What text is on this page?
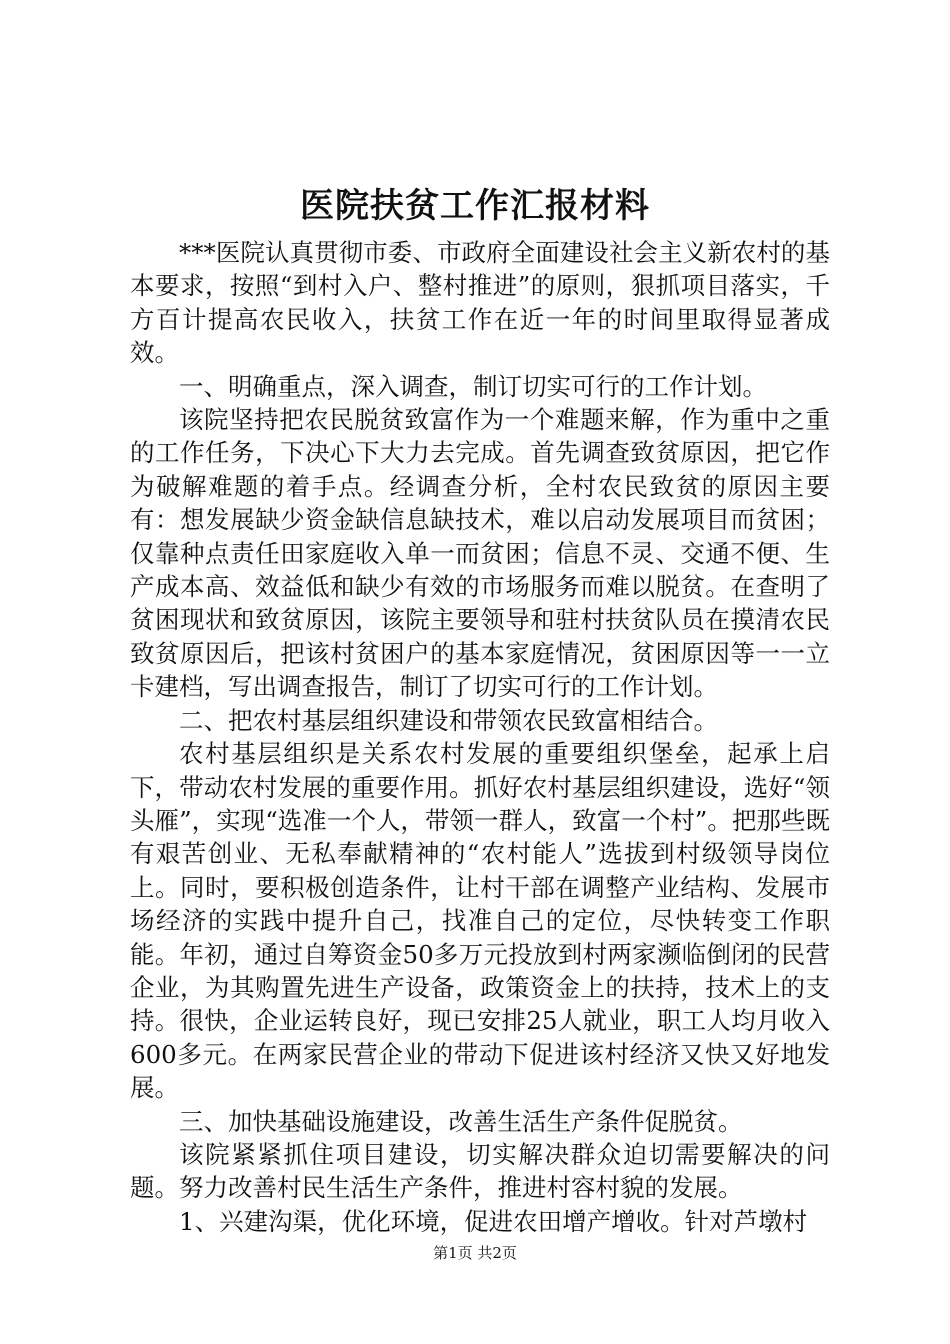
医院扶贫工作汇报材料

***医院认真贯彻市委、市政府全面建设社会主义新农村的基本要求，按照“到村入户、整村推进”的原则，狠抓项目落实，千方百计提高农民收入，扶贫工作在近一年的时间里取得显著成效。

一、明确重点，深入调查，制订切实可行的工作计划。

该院坚持把农民脱贫致富作为一个难题来解，作为重中之重的工作任务，下决心下大力去完成。首先调查致贫原因，把它作为破解难题的着手点。经调查分析，全村农民致贫的原因主要有：想发展缺少资金缺信息缺技术，难以启动发展项目而贫困；仅靠种点责任田家庭收入单一而贫困；信息不灵、交通不便、生产成本高、效益低和缺少有效的市场服务而难以脱贫。在查明了贫困现状和致贫原因，该院主要领导和驻村扶贫队员在摸清农民致贫原因后，把该村贫困户的基本家庭情况，贫困原因等一一立卡建档，写出调查报告，制订了切实可行的工作计划。

二、把农村基层组织建设和带领农民致富相结合。

农村基层组织是关系农村发展的重要组织堡垒，起承上启下，带动农村发展的重要作用。抓好农村基层组织建设，选好“领头雁”，实现“选准一个人，带领一群人，致富一个村”。把那些既有艰苦创业、无私奉献精神的“农村能人”选拔到村级领导岗位上。同时，要积极创造条件，让村干部在调整产业结构、发展市场经济的实践中提升自己，找准自己的定位，尽快转变工作职能。年初，通过自筹资金50多万元投放到村两家濒临倒闭的民营企业，为其购置先进生产设备，政策资金上的扶持，技术上的支持。很快，企业运转良好，现已安排25人就业，职工人均月收入600多元。在两家民营企业的带动下促进该村经济又快又好地发展。

三、加快基础设施建设，改善生活生产条件促脱贫。

该院紧紧抓住项目建设，切实解决群众迫切需要解决的问题。努力改善村民生活生产条件，推进村容村貌的发展。

1、兴建沟渠，优化环境，促进农田增产增收。针对芦墩村

第1页 共2页
